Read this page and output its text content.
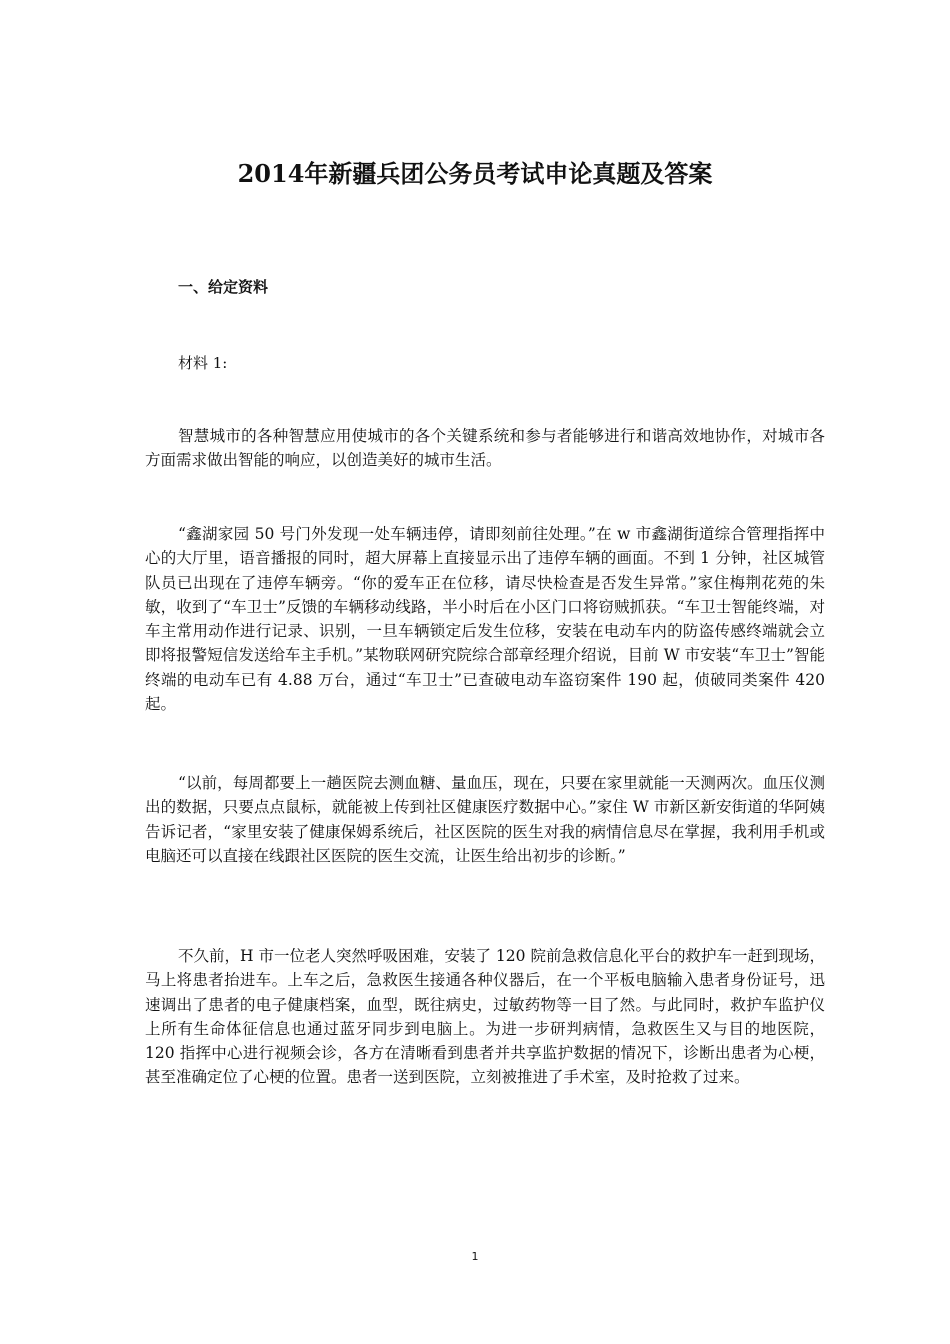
2014年新疆兵团公务员考试申论真题及答案
一、给定资料
材料 1:

智慧城市的各种智慧应用使城市的各个关键系统和参与者能够进行和谐高效地协作，对城市各方面需求做出智能的响应，以创造美好的城市生活。

“鑫湖家园 50 号门外发现一处车辆违停，请即刻前往处理。”在 w 市鑫湖街道综合管理指挥中心的大厅里，语音播报的同时，超大屏幕上直接显示出了违停车辆的画面。不到 1 分钟，社区城管队员已出现在了违停车辆旁。“你的爱车正在位移，请尽快检查是否发生异常。”家住梅荆花苑的朱敏，收到了“车卫士”反馈的车辆移动线路，半小时后在小区门口将窃贼抓获。“车卫士智能终端，对车主常用动作进行记录、识别，一旦车辆锁定后发生位移，安装在电动车内的防盗传感终端就会立即将报警短信发送给车主手机。”某物联网研究院综合部章经理介绍说，目前 W 市安装“车卫士”智能终端的电动车已有 4.88 万台，通过“车卫士”已查破电动车盗窃案件 190 起，侦破同类案件 420 起。

“以前，每周都要上一趟医院去测血糖、量血压，现在，只要在家里就能一天测两次。血压仪测出的数据，只要点点鼠标，就能被上传到社区健康医疗数据中心。”家住 W 市新区新安街道的华阿姨告诉记者，“家里安装了健康保姆系统后，社区医院的医生对我的病情信息尽在掌握，我利用手机或电脑还可以直接在线跟社区医院的医生交流，让医生给出初步的诊断。”

不久前，H 市一位老人突然呼吸困难，安装了 120 院前急救信息化平台的救护车一赶到现场，马上将患者抬进车。上车之后，急救医生接通各种仪器后，在一个平板电脑输入患者身份证号，迅速调出了患者的电子健康档案，血型，既往病史，过敏药物等一目了然。与此同时，救护车监护仪上所有生命体征信息也通过蓝牙同步到电脑上。为进一步研判病情，急救医生又与目的地医院，120 指挥中心进行视频会诊，各方在清晰看到患者并共享监护数据的情况下，诊断出患者为心梗，甚至准确定位了心梗的位置。患者一送到医院，立刻被推进了手术室，及时抢救了过来。

1
